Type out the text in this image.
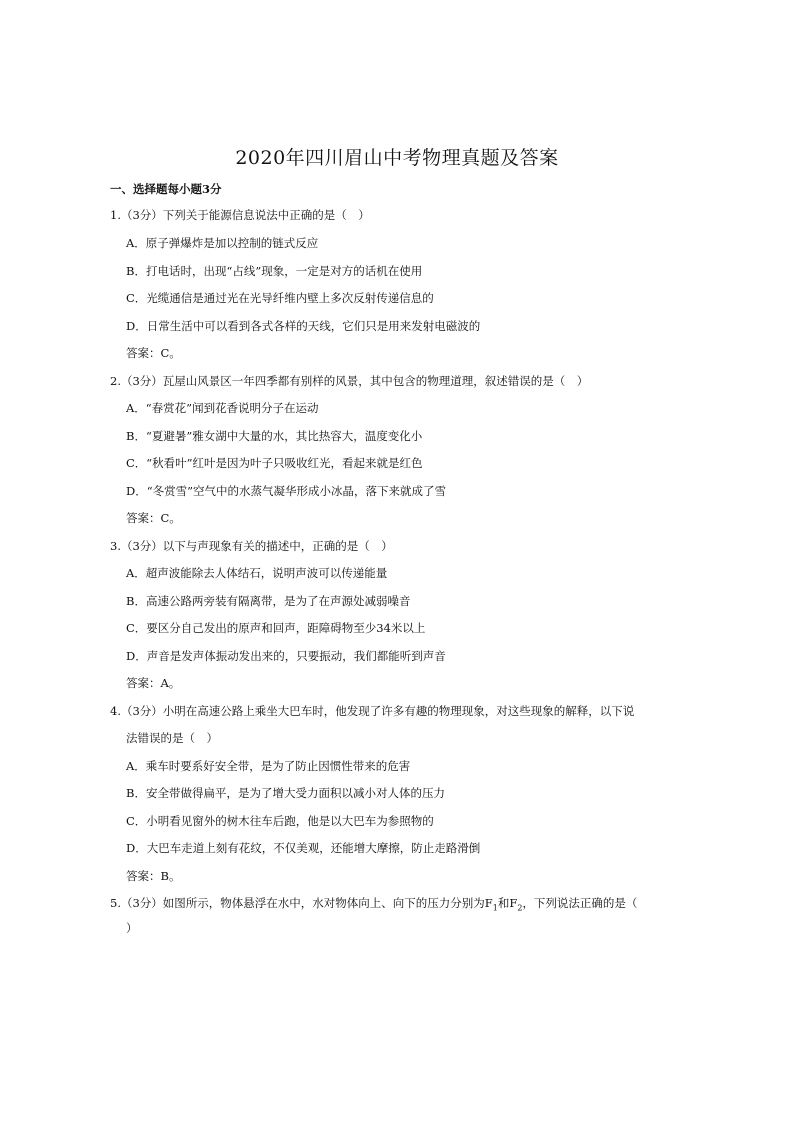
2020年四川眉山中考物理真题及答案
一、选择题每小题3分
1.（3分）下列关于能源信息说法中正确的是（　）
A．原子弹爆炸是加以控制的链式反应
B．打电话时，出现“占线”现象，一定是对方的话机在使用
C．光缆通信是通过光在光导纤维内壁上多次反射传递信息的
D．日常生活中可以看到各式各样的天线，它们只是用来发射电磁波的
答案：C。
2.（3分）瓦屋山风景区一年四季都有别样的风景，其中包含的物理道理，叙述错误的是（　）
A．“春赏花”闻到花香说明分子在运动
B．“夏避暑”雅女湖中大量的水，其比热容大，温度变化小
C．“秋看叶”红叶是因为叶子只吸收红光，看起来就是红色
D．“冬赏雪”空气中的水蒸气凝华形成小冰晶，落下来就成了雪
答案：C。
3.（3分）以下与声现象有关的描述中，正确的是（　）
A．超声波能除去人体结石，说明声波可以传递能量
B．高速公路两旁装有隔离带，是为了在声源处减弱噪音
C．要区分自己发出的原声和回声，距障碍物至少34米以上
D．声音是发声体振动发出来的，只要振动，我们都能听到声音
答案：A。
4.（3分）小明在高速公路上乘坐大巴车时，他发现了许多有趣的物理现象，对这些现象的解释，以下说
法错误的是（　）
A．乘车时要系好安全带，是为了防止因惯性带来的危害
B．安全带做得扁平，是为了增大受力面积以减小对人体的压力
C．小明看见窗外的树木往车后跑，他是以大巴车为参照物的
D．大巴车走道上刻有花纹，不仅美观，还能增大摩擦，防止走路滑倒
答案：B。
5.（3分）如图所示，物体悬浮在水中，水对物体向上、向下的压力分别为$F_1$和$F_2$，下列说法正确的是（
）
